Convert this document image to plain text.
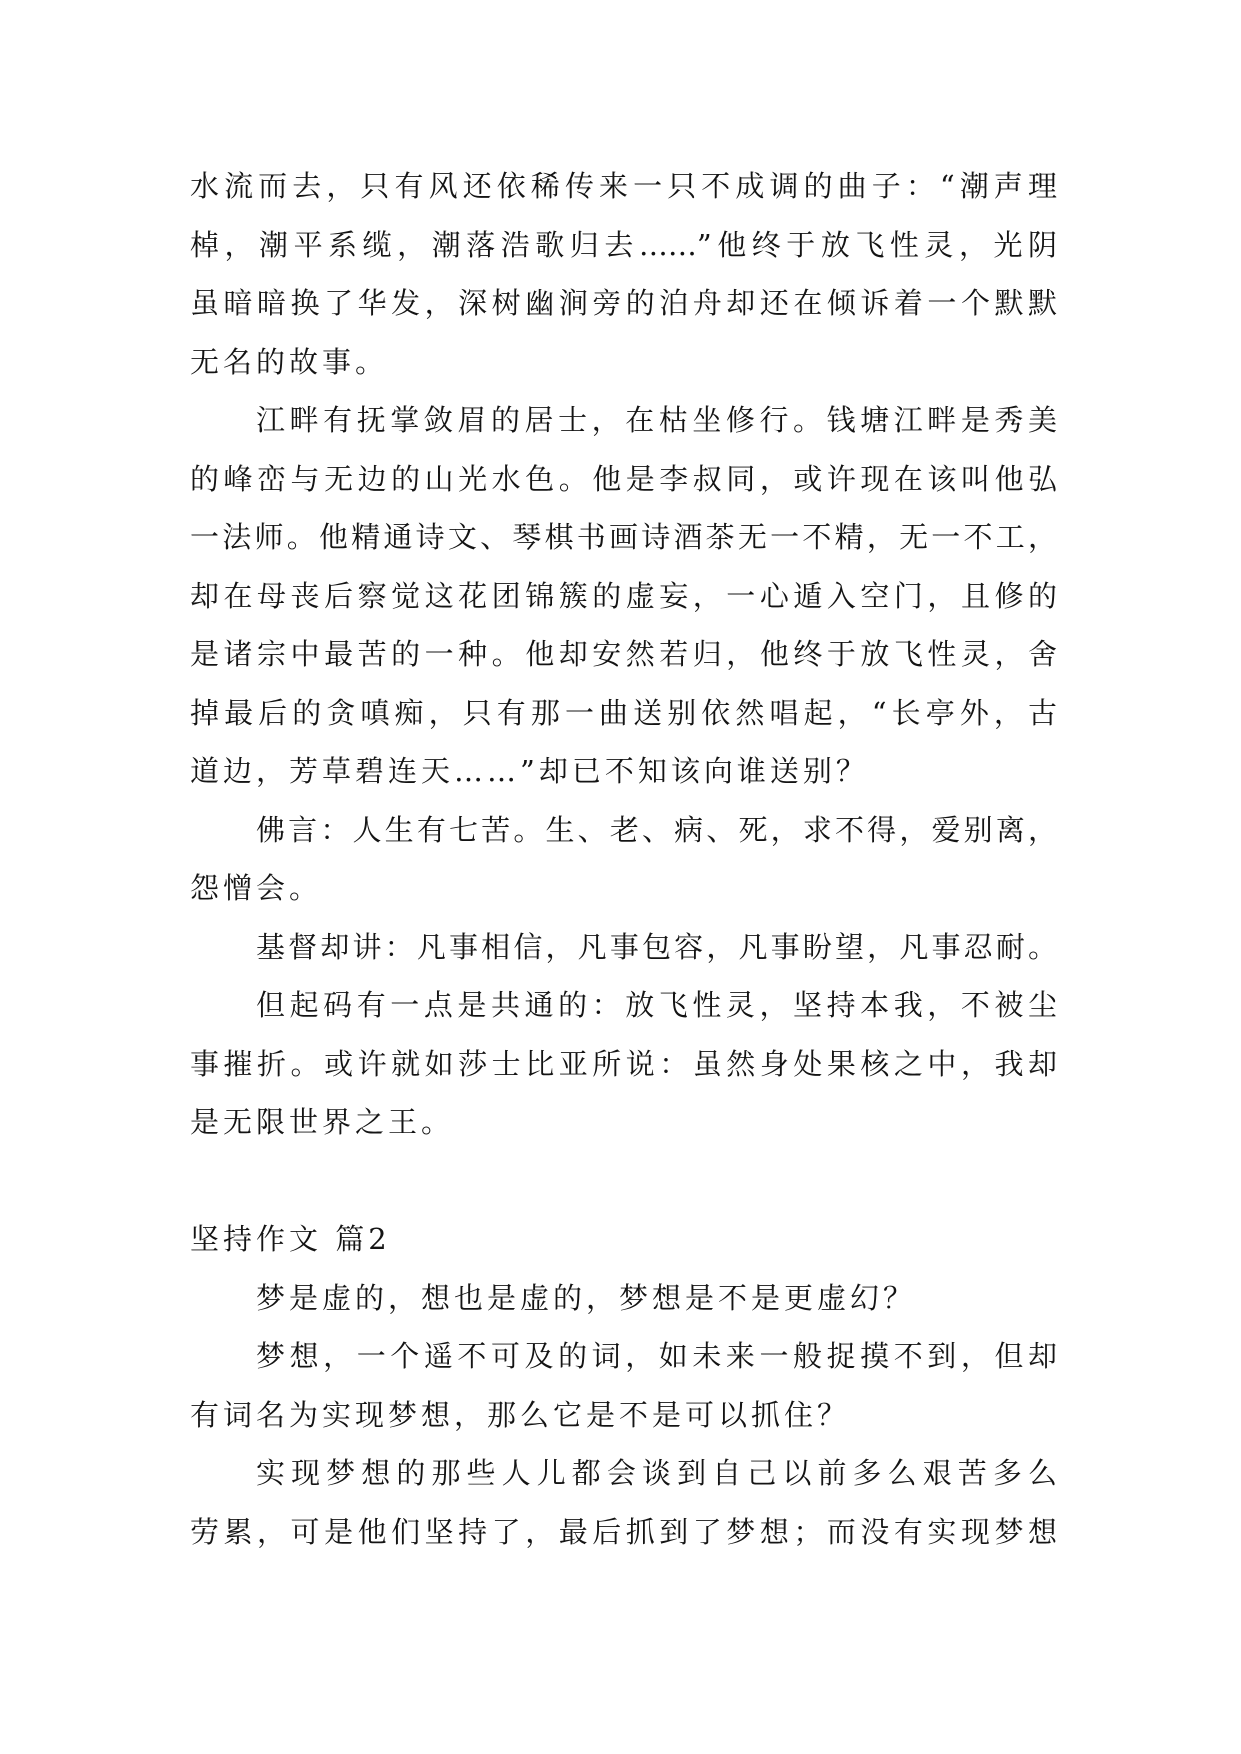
水流而去，只有风还依稀传来一只不成调的曲子：“潮声理
棹，潮平系缆，潮落浩歌归去……”他终于放飞性灵，光阴
虽暗暗换了华发，深树幽涧旁的泊舟却还在倾诉着一个默默
无名的故事。
江畔有抚掌敛眉的居士，在枯坐修行。钱塘江畔是秀美
的峰峦与无边的山光水色。他是李叔同，或许现在该叫他弘
一法师。他精通诗文、琴棋书画诗酒茶无一不精，无一不工，
却在母丧后察觉这花团锦簇的虚妄，一心遁入空门，且修的
是诸宗中最苦的一种。他却安然若归，他终于放飞性灵，舍
掉最后的贪嗔痴，只有那一曲送别依然唱起，“长亭外，古
道边，芳草碧连天……”却已不知该向谁送别？
佛言：人生有七苦。生、老、病、死，求不得，爱别离，
怨憎会。
基督却讲：凡事相信，凡事包容，凡事盼望，凡事忍耐。
但起码有一点是共通的：放飞性灵，坚持本我，不被尘
事摧折。或许就如莎士比亚所说：虽然身处果核之中，我却
是无限世界之王。
坚持作文 篇2
梦是虚的，想也是虚的，梦想是不是更虚幻？
梦想，一个遥不可及的词，如未来一般捉摸不到，但却
有词名为实现梦想，那么它是不是可以抓住？
实现梦想的那些人儿都会谈到自己以前多么艰苦多么
劳累，可是他们坚持了，最后抓到了梦想；而没有实现梦想
